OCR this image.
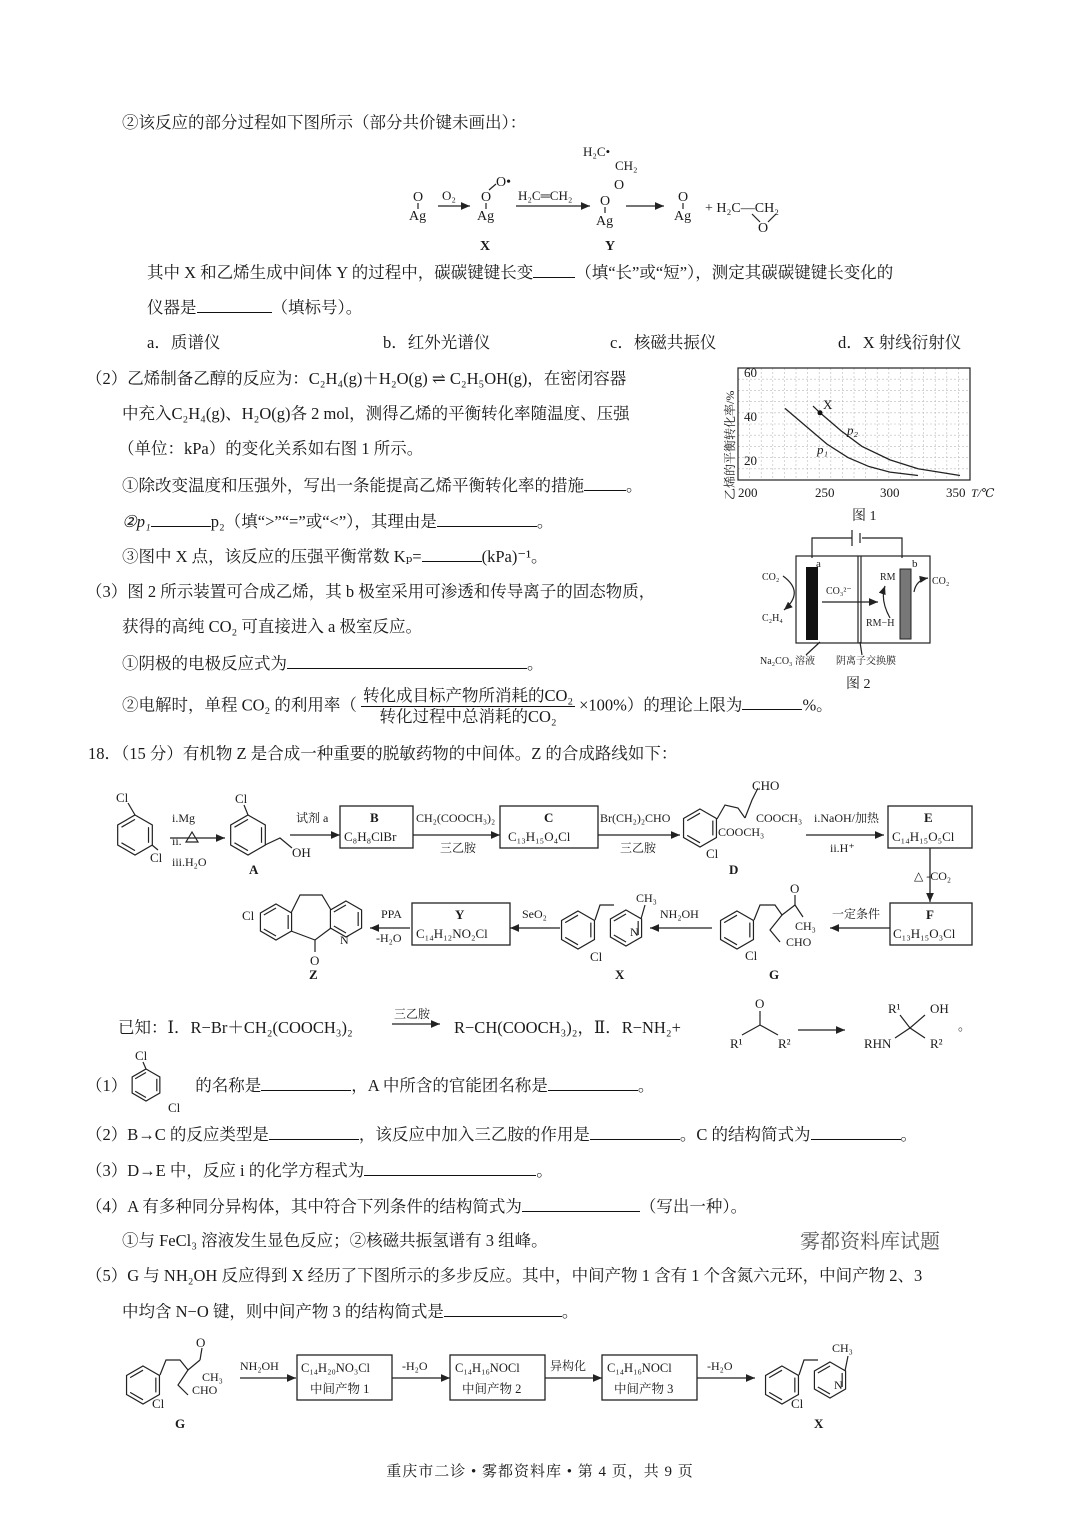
②该反应的部分过程如下图所示（部分共价键未画出）：
其中 X 和乙烯生成中间体 Y 的过程中，碳碳键键长变	（填“长”或“短”），测定其碳碳键键长变化的
仪器是	（填标号）。
a．质谱仪	b．红外光谱仪	c．核磁共振仪	d．X 射线衍射仪
（2）乙烯制备乙醇的反应为：C₂H₄(g)＋H₂O(g) ⇌ C₂H₅OH(g)，在密闭容器
中充入C₂H₄(g)、H₂O(g)各 2 mol，测得乙烯的平衡转化率随温度、压强
（单位：kPa）的变化关系如右图 1 所示。
①除改变温度和压强外，写出一条能提高乙烯平衡转化率的措施	。
②p₁	p₂（填“>”“=”或“<”），其理由是	。
③图中 X 点，该反应的压强平衡常数 Kₚ=	(kPa)⁻¹。
（3）图 2 所示装置可合成乙烯，其 b 极室采用可渗透和传导离子的固态物质，
获得的高纯 CO₂ 可直接进入 a 极室反应。
①阴极的电极反应式为	。
②电解时，单程 CO₂ 的利用率（ $\frac{\text{转化成目标产物所消耗的CO₂}}{\text{转化过程中总消耗的CO₂}} \times 100\%$）的理论上限为	%。
18．（15 分）有机物 Z 是合成一种重要的脱敏药物的中间体。Z 的合成路线如下：
已知：Ⅰ．R−Br＋CH₂(COOCH₃)₂	R−CH(COOCH₃)₂，Ⅱ．R−NH₂+
（1）	的名称是	，A 中所含的官能团名称是	。
（2）B→C 的反应类型是	，该反应中加入三乙胺的作用是	。C 的结构简式为	。
（3）D→E 中，反应 i 的化学方程式为	。
（4）A 有多种同分异构体，其中符合下列条件的结构简式为	（写出一种）。
①与 FeCl₃ 溶液发生显色反应；②核磁共振氢谱有 3 组峰。
（5）G 与 NH₂OH 反应得到 X 经历了下图所示的多步反应。其中，中间产物 1 含有 1 个含氮六元环，中间产物 2、3
中均含 N−O 键，则中间产物 3 的结构简式是	。
重庆市二诊 • 雾都资料库 • 第 4 页，共 9 页
雾都资料库试题
O
Ag
O₂ O
O•
Ag
X
H₂C═CH₂
H₂C•
CH₂
O
O
Ag
Y
O
Ag
+ H₂C—CH₂
O
p₁
p₂
X
200	250	300	350 T/℃
20
40
60
乙烯的平衡转化率/%
图 1
a	b
CO₂
C₂H₄
CO₃²⁻
RM
RM−H
CO₂
Na₂CO₃ 溶液 阴离子交换膜
图 2
Cl
Cl
i.Mg
ii.
iii.H₂O
Cl
OH
A
试剂 a	B
C₈H₈ClBr
CH₂(COOCH₃)₂
三乙胺
C
C₁₃H₁₅O₄Cl
Br(CH₂)₂CHO
三乙胺
CHO
COOCH₃
COOCH₃
Cl
D
i.NaOH/加热
ii.H⁺
E
C₁₄H₁₅O₅Cl
△ -CO₂
F
C₁₃H₁₅O₃Cl
一定条件
O
CH₃
CHO
Cl
G
NH₂OH
CH₃
N
Cl
X
SeO₂
Y
C₁₄H₁₂NO₂Cl
PPA
-H₂O
O
N
Cl
Z
三乙胺
O
R¹	R²
R¹ OH
RHN	R²
。
Cl
Cl
O
CH₃
CHO
Cl
G
NH₂OH C₁₄H₂₀NO₃Cl
中间产物 1
-H₂O C₁₄H₁₆NOCl
中间产物 2
异构化 C₁₄H₁₆NOCl
中间产物 3
-H₂O
CH₃
N
Cl
X
